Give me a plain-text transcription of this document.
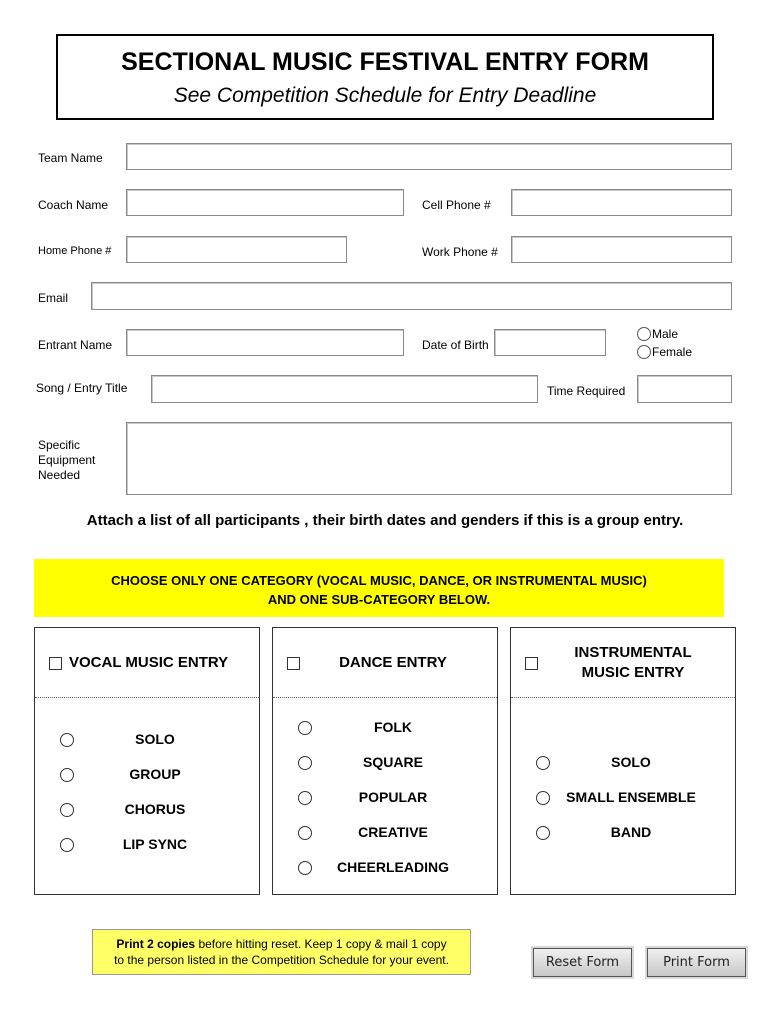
SECTIONAL MUSIC FESTIVAL ENTRY FORM
See Competition Schedule for Entry Deadline
Team Name
Coach Name	Cell Phone #
Home Phone #	Work Phone #
Email
Entrant Name	Date of Birth
Male
Female
Song / Entry Title	Time Required
Specific
Equipment
Needed
Attach a list of all participants , their birth dates and genders if this is a group entry.
CHOOSE ONLY ONE CATEGORY (VOCAL MUSIC, DANCE, OR INSTRUMENTAL MUSIC)
AND ONE SUB-CATEGORY BELOW.
VOCAL MUSIC ENTRY
SOLO
GROUP
CHORUS
LIP SYNC
DANCE ENTRY
FOLK
SQUARE
POPULAR
CREATIVE
CHEERLEADING
INSTRUMENTAL
MUSIC ENTRY
SOLO
SMALL ENSEMBLE
BAND
Print 2 copies before hitting reset. Keep 1 copy & mail 1 copy
to the person listed in the Competition Schedule for your event.	Reset Form	Print Form
